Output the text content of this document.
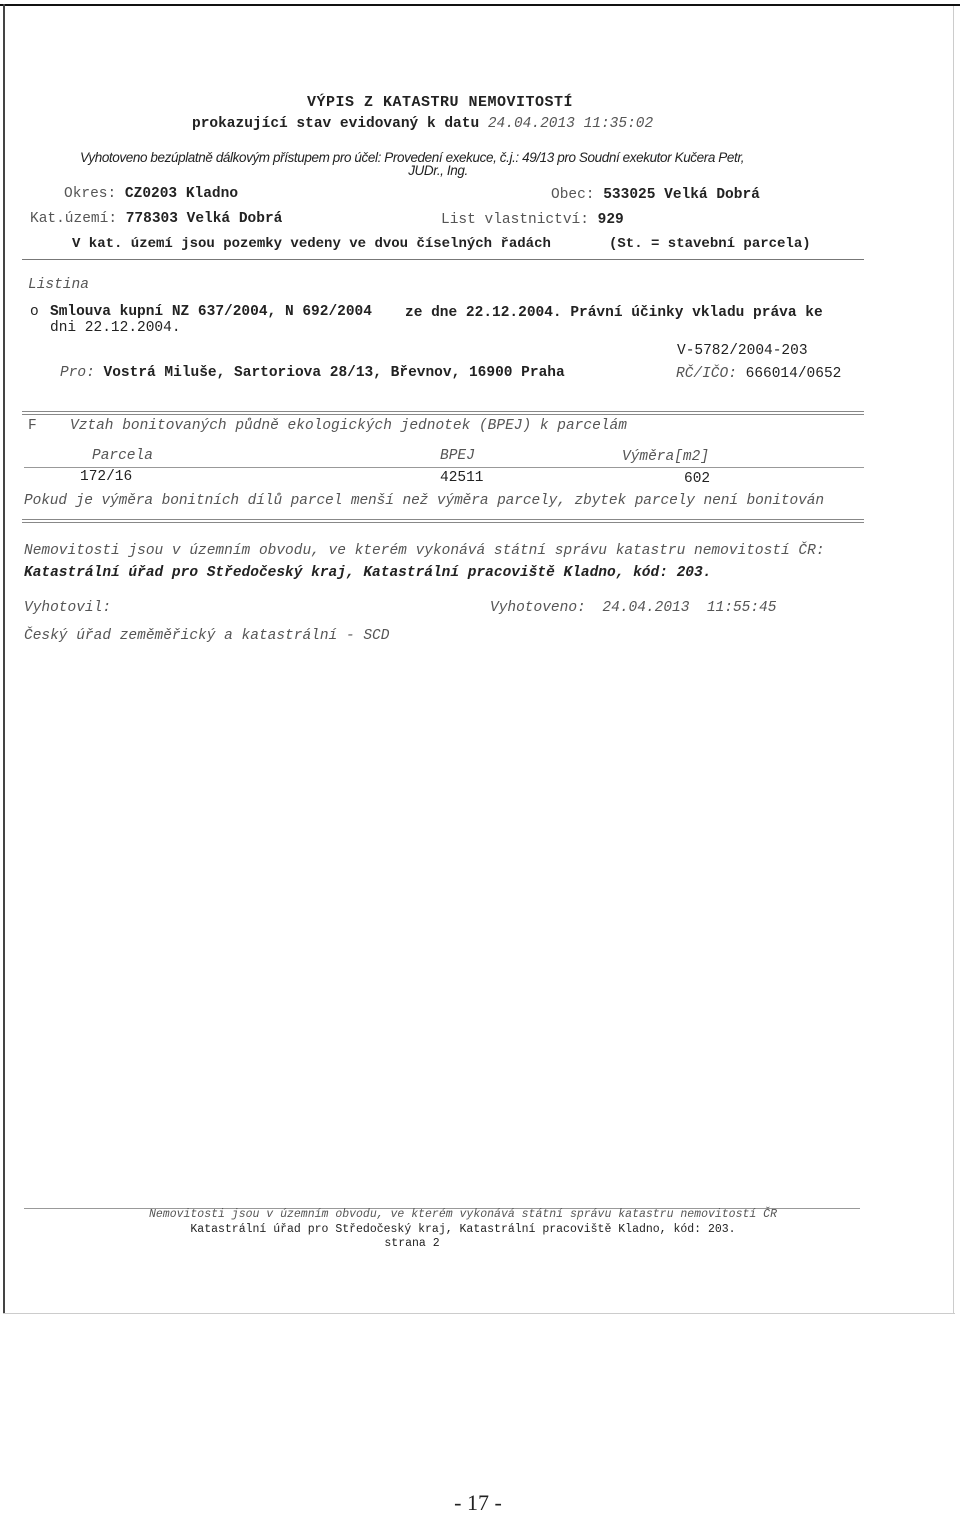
VÝPIS Z KATASTRU NEMOVITOSTÍ
prokazující stav evidovaný k datu 24.04.2013 11:35:02
Vyhotoveno bezúplatně dálkovým přístupem pro účel: Provedení exekuce, č.j.: 49/13 pro Soudní exekutor Kučera Petr,
JUDr., Ing.
Okres: CZ0203 Kladno	Obec: 533025 Velká Dobrá
Kat.území: 778303 Velká Dobrá	List vlastnictví: 929
V kat. území jsou pozemky vedeny ve dvou číselných řadách	(St. = stavební parcela)
Listina
o Smlouva kupní NZ 637/2004, N 692/2004 ze dne 22.12.2004. Právní účinky vkladu práva ke
dni 22.12.2004.
V-5782/2004-203
Pro: Vostrá Miluše, Sartoriova 28/13, Břevnov, 16900 Praha	RČ/IČO: 666014/0652
F Vztah bonitovaných půdně ekologických jednotek (BPEJ) k parcelám
Parcela	BPEJ	Výměra[m2]
172/16	42511	602
Pokud je výměra bonitních dílů parcel menší než výměra parcely, zbytek parcely není bonitován
Nemovitosti jsou v územním obvodu, ve kterém vykonává státní správu katastru nemovitostí ČR:
Katastrální úřad pro Středočeský kraj, Katastrální pracoviště Kladno, kód: 203.
Vyhotovil:	Vyhotoveno: 24.04.2013  11:55:45
Český úřad zeměměřický a katastrální - SCD
Nemovitosti jsou v územním obvodu, ve kterém vykonává státní správu katastru nemovitostí ČR
Katastrální úřad pro Středočeský kraj, Katastrální pracoviště Kladno, kód: 203.
strana 2
- 17 -
